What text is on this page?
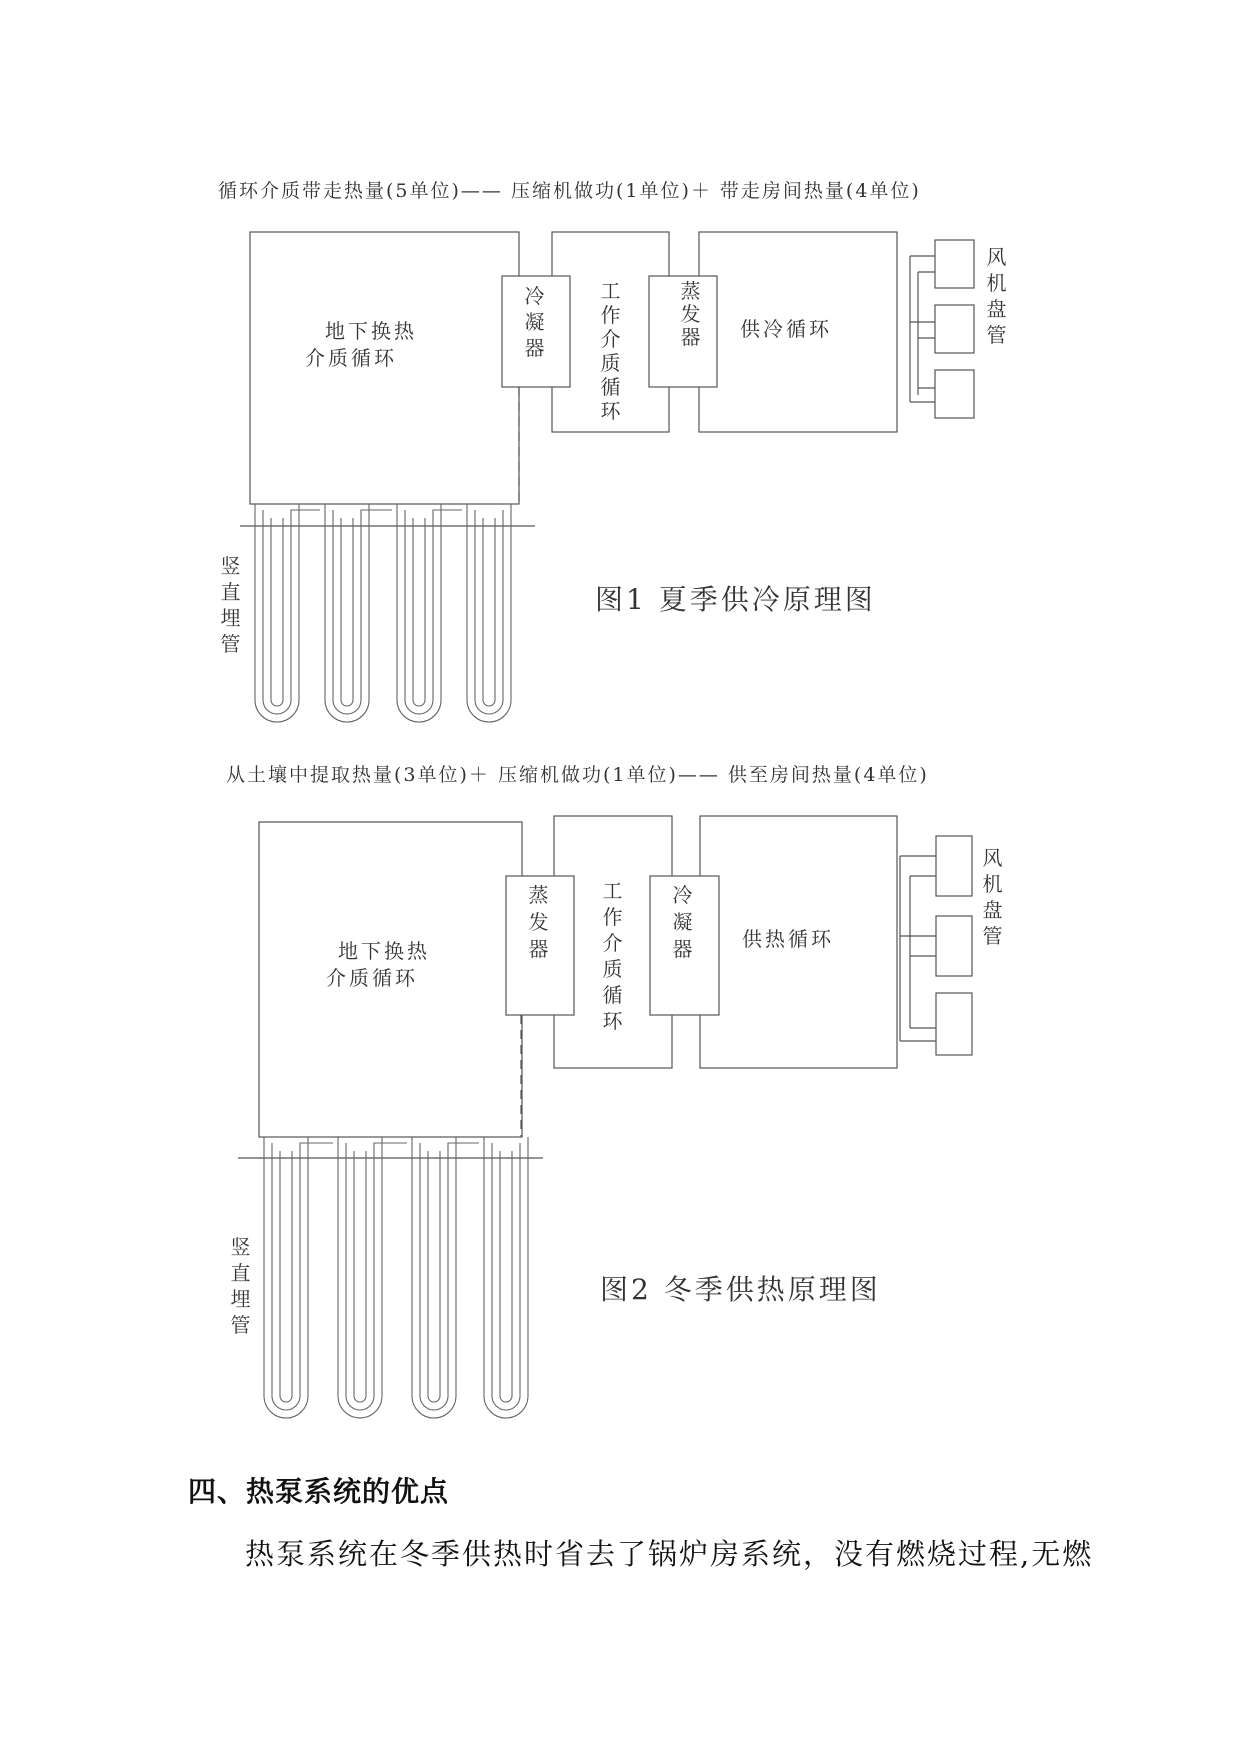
循环介质带走热量(5单位)—— 压缩机做功(1单位)＋ 带走房间热量(4单位)
地下换热
介质循环
工
作
介
质
循
环
冷
凝
器
供冷循环
蒸
发
器
风
机
盘
管
竖
直
埋
管
图1 夏季供冷原理图
从土壤中提取热量(3单位)＋ 压缩机做功(1单位)—— 供至房间热量(4单位)
地下换热
介质循环
工
作
介
质
循
环
蒸
发
器	供热循环
冷
凝
器
风
机
盘
管
竖
直
埋
管
图2 冬季供热原理图
四、热泵系统的优点

热泵系统在冬季供热时省去了锅炉房系统，没有燃烧过程,无燃
